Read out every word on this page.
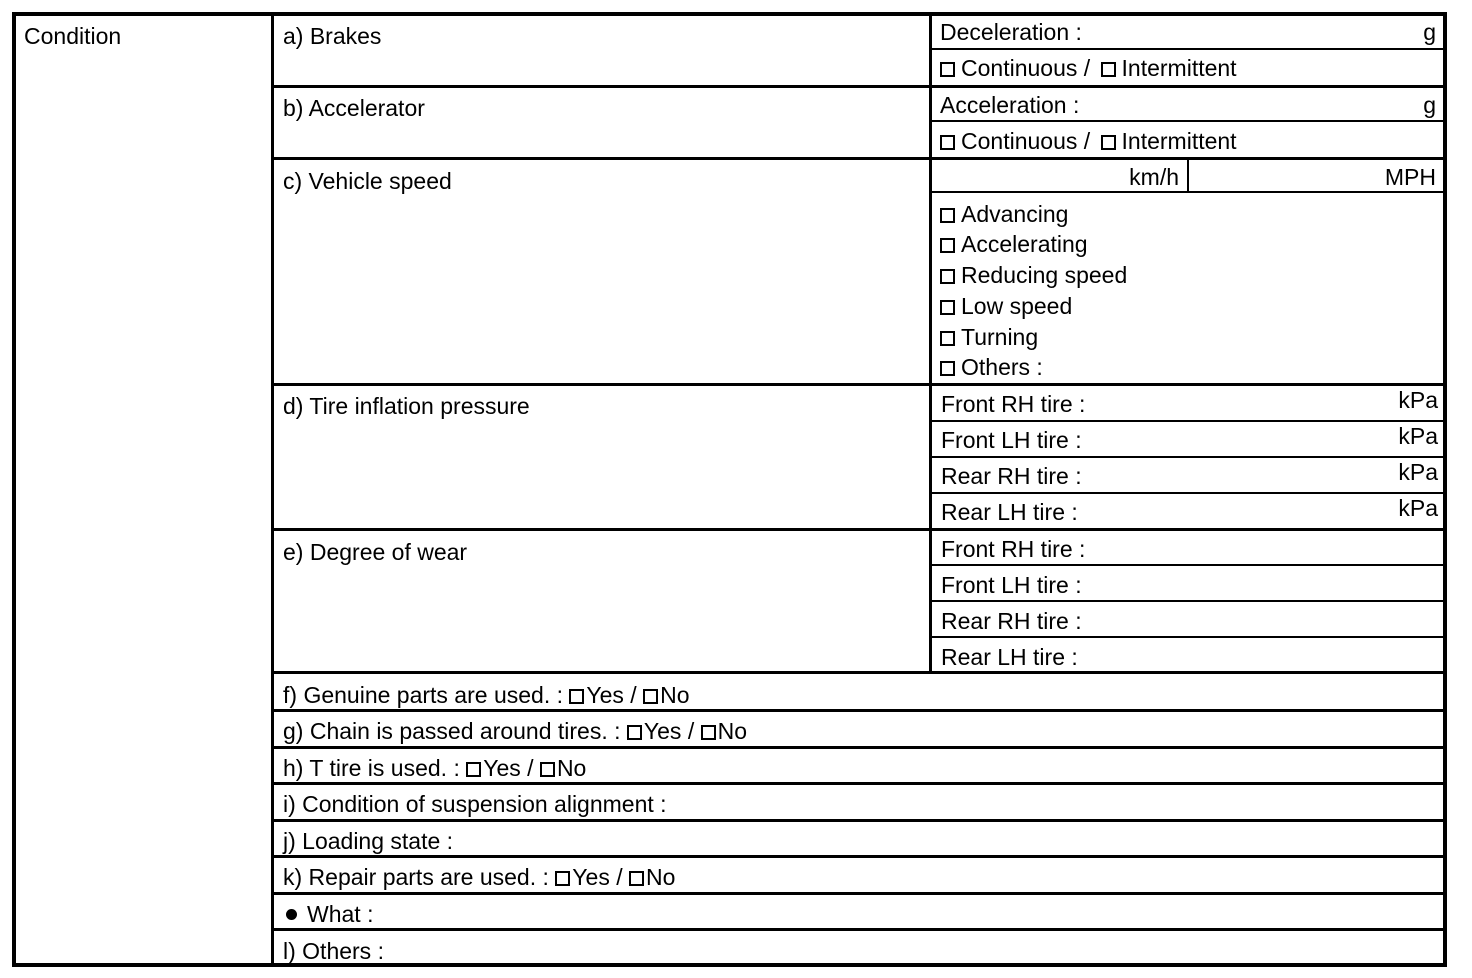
Condition	a) Brakes	Deceleration :	g
Continuous / Intermittent
b) Accelerator	Acceleration :	g
Continuous / Intermittent
c) Vehicle speed	km/h	MPH
Advancing
Accelerating
Reducing speed
Low speed
Turning
Others :
d) Tire inflation pressure	Front RH tire :	kPa
Front LH tire :	kPa
Rear RH tire :	kPa
Rear LH tire :	kPa
e) Degree of wear	Front RH tire :
Front LH tire :
Rear RH tire :
Rear LH tire :
f) Genuine parts are used. : Yes / No
g) Chain is passed around tires. : Yes / No
h) T tire is used. : Yes / No
i) Condition of suspension alignment :
j) Loading state :
k) Repair parts are used. : Yes / No
What :
l) Others :
